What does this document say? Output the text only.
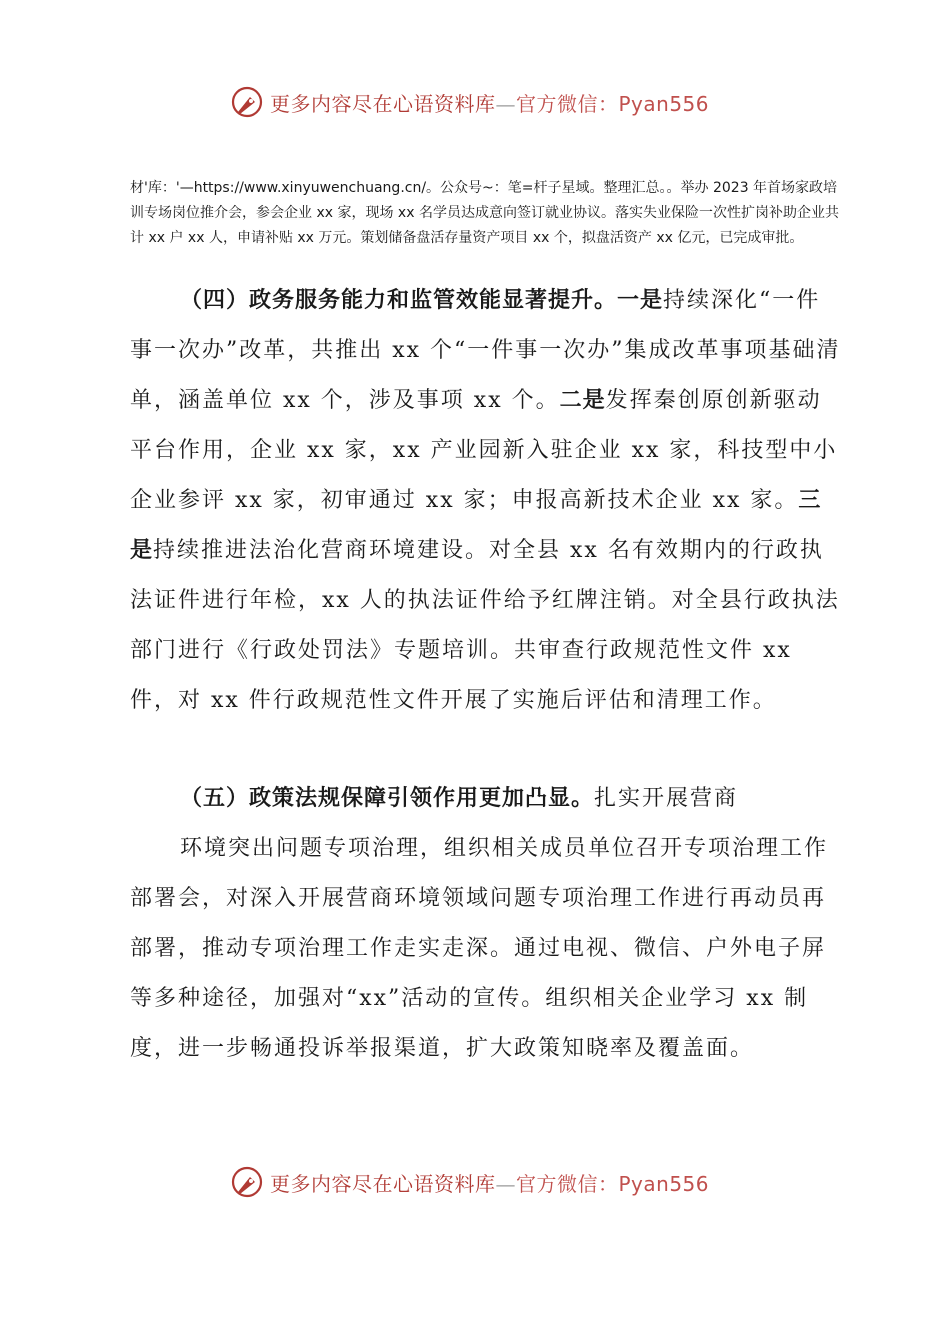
更多内容尽在心语资料库—官方微信：Pyan556
材'库：'—https://www.xinyuwenchuang.cn/。公众号~：笔=杆子星域。整理汇总。。举办 2023 年首场家政培训专场岗位推介会，参会企业 xx 家，现场 xx 名学员达成意向签订就业协议。落实失业保险一次性扩岗补助企业共计 xx 户 xx 人，申请补贴 xx 万元。策划储备盘活存量资产项目 xx 个，拟盘活资产 xx 亿元，已完成审批。

（四）政务服务能力和监管效能显著提升。一是持续深化“一件事一次办”改革，共推出 xx 个“一件事一次办”集成改革事项基础清单，涵盖单位 xx 个，涉及事项 xx 个。二是发挥秦创原创新驱动平台作用，企业 xx 家，xx 产业园新入驻企业 xx 家，科技型中小企业参评 xx 家，初审通过 xx 家；申报高新技术企业 xx 家。三是持续推进法治化营商环境建设。对全县 xx 名有效期内的行政执法证件进行年检，xx 人的执法证件给予红牌注销。对全县行政执法部门进行《行政处罚法》专题培训。共审查行政规范性文件 xx 件，对 xx 件行政规范性文件开展了实施后评估和清理工作。

（五）政策法规保障引领作用更加凸显。扎实开展营商

环境突出问题专项治理，组织相关成员单位召开专项治理工作部署会，对深入开展营商环境领域问题专项治理工作进行再动员再部署，推动专项治理工作走实走深。通过电视、微信、户外电子屏等多种途径，加强对“xx”活动的宣传。组织相关企业学习 xx 制度，进一步畅通投诉举报渠道，扩大政策知晓率及覆盖面。

更多内容尽在心语资料库—官方微信：Pyan556
